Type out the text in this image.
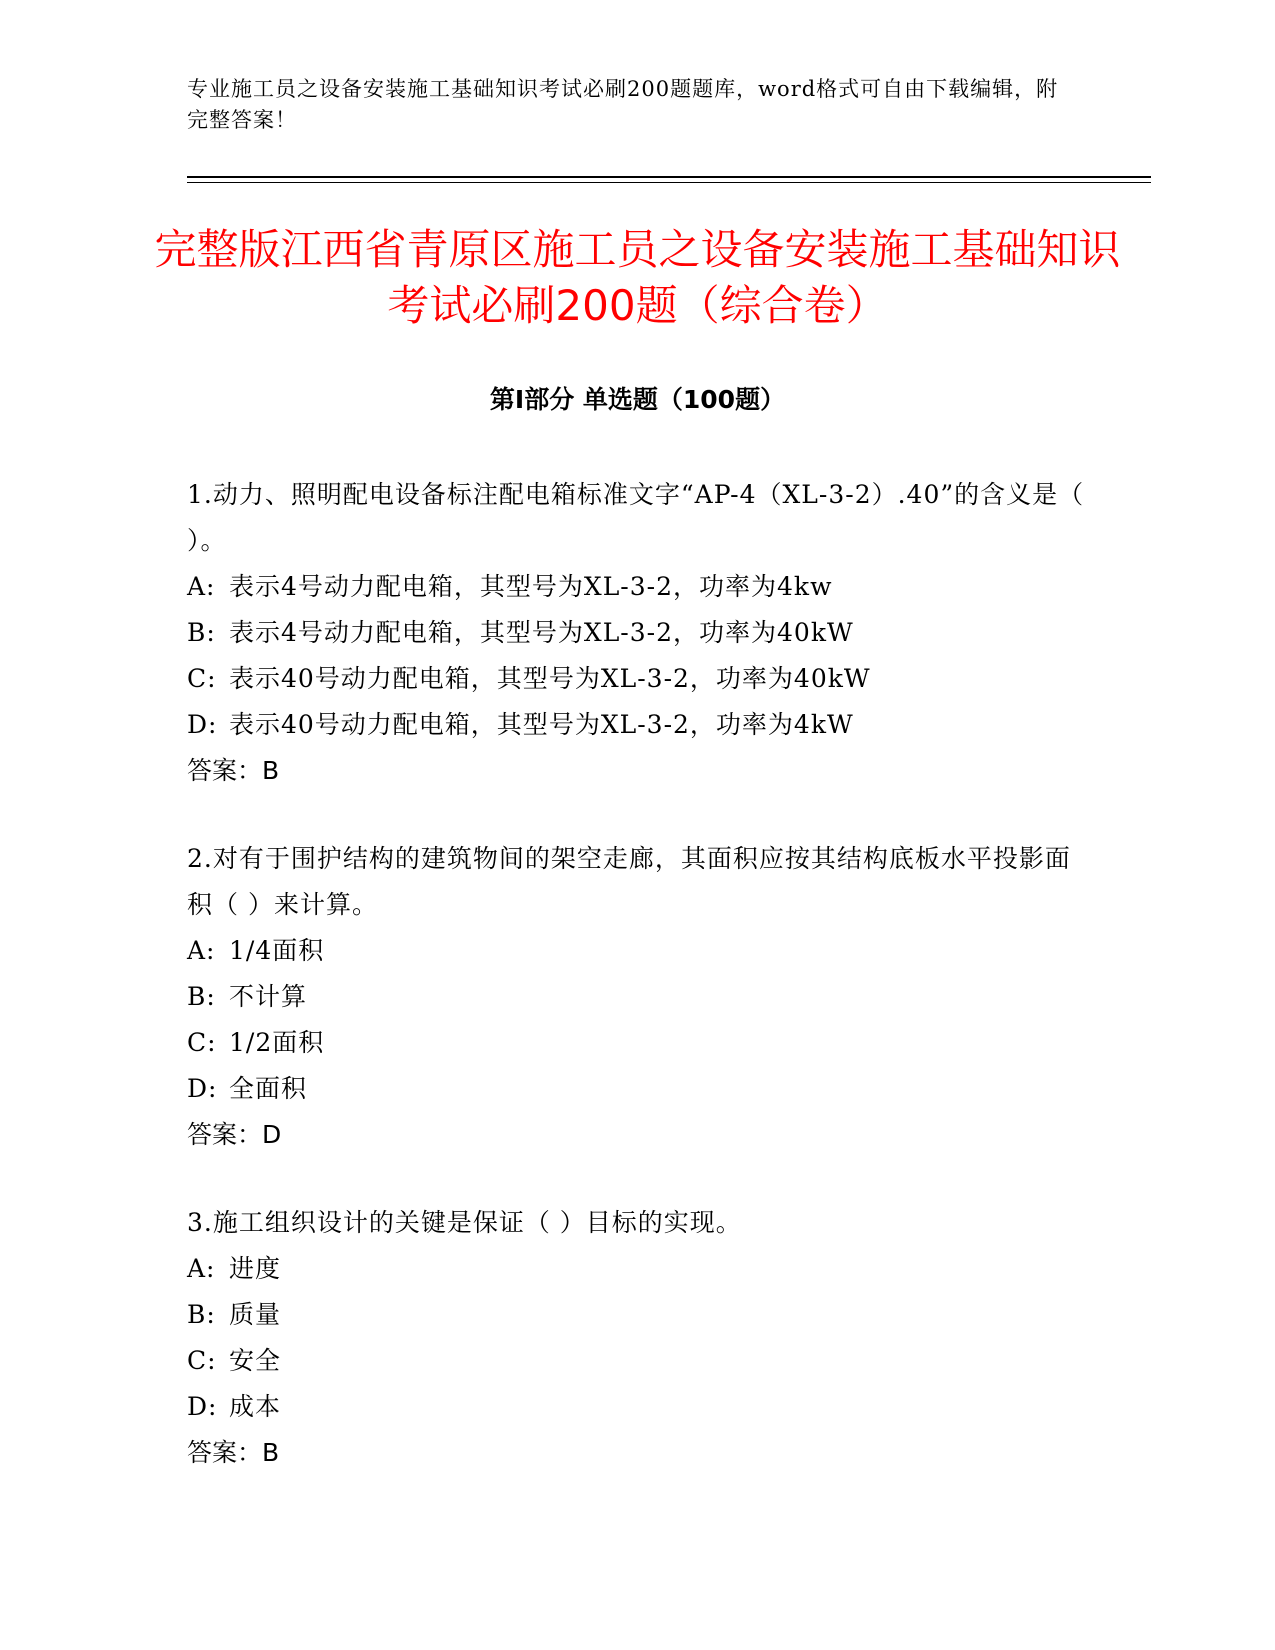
专业施工员之设备安装施工基础知识考试必刷200题题库，word格式可自由下载编辑，附完整答案！
完整版江西省青原区施工员之设备安装施工基础知识考试必刷200题（综合卷）
第I部分 单选题（100题）
1.动力、照明配电设备标注配电箱标准文字“AP-4（XL-3-2）.40”的含义是（ ）。
A: 表示4号动力配电箱，其型号为XL-3-2，功率为4kw
B: 表示4号动力配电箱，其型号为XL-3-2，功率为40kW
C: 表示40号动力配电箱，其型号为XL-3-2，功率为40kW
D: 表示40号动力配电箱，其型号为XL-3-2，功率为4kW
答案：B
2.对有于围护结构的建筑物间的架空走廊，其面积应按其结构底板水平投影面积（ ）来计算。
A: 1/4面积
B: 不计算
C: 1/2面积
D: 全面积
答案：D
3.施工组织设计的关键是保证（ ）目标的实现。
A: 进度
B: 质量
C: 安全
D: 成本
答案：B
